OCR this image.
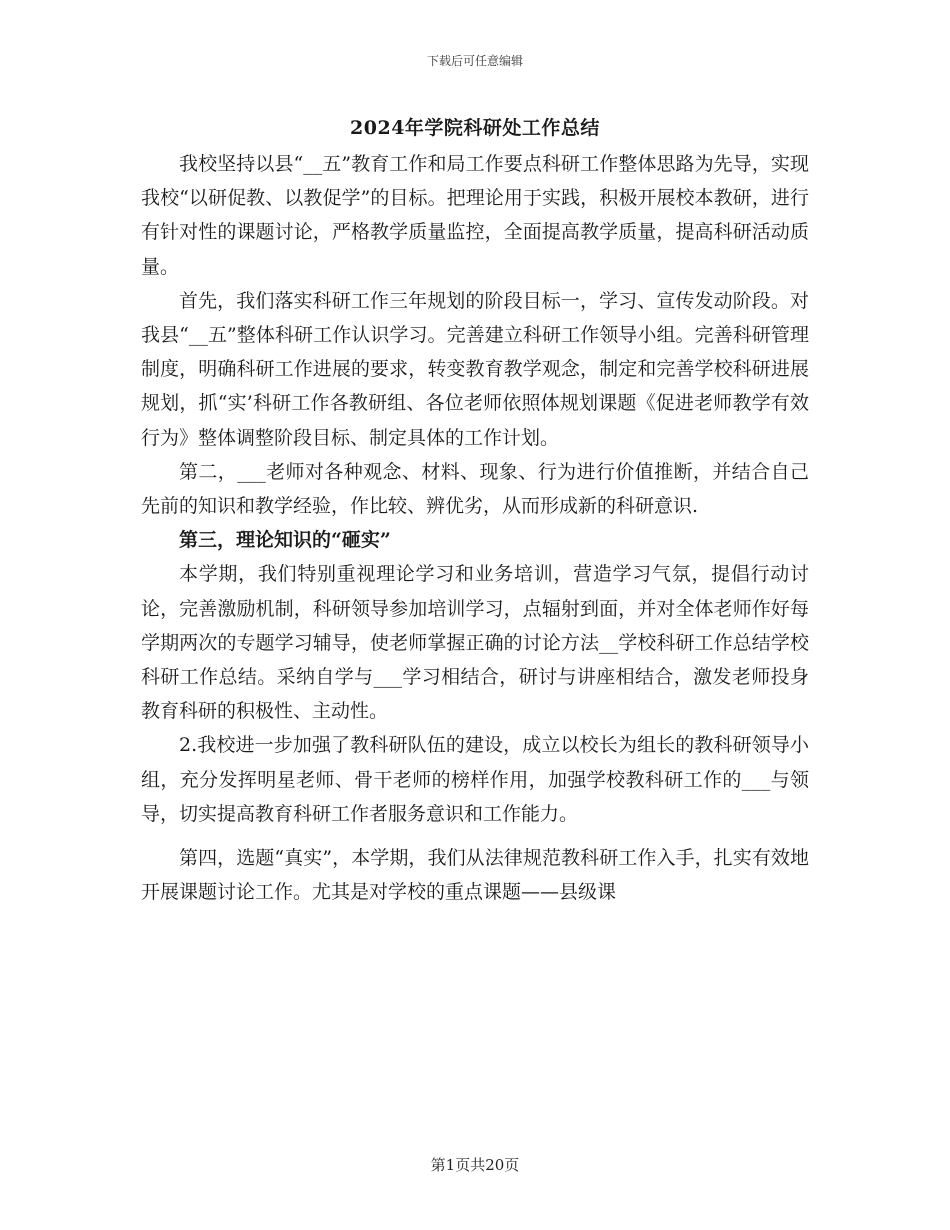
下载后可任意编辑
2024年学院科研处工作总结

我校坚持以县“__五”教育工作和局工作要点科研工作整体思路为先导，实现我校“以研促教、以教促学”的目标。把理论用于实践，积极开展校本教研，进行有针对性的课题讨论，严格教学质量监控，全面提高教学质量，提高科研活动质量。

首先，我们落实科研工作三年规划的阶段目标一，学习、宣传发动阶段。对我县“__五”整体科研工作认识学习。完善建立科研工作领导小组。完善科研管理制度，明确科研工作进展的要求，转变教育教学观念，制定和完善学校科研进展规划，抓“实’科研工作各教研组、各位老师依照体规划课题《促进老师教学有效行为》整体调整阶段目标、制定具体的工作计划。

第二，___老师对各种观念、材料、现象、行为进行价值推断，并结合自己先前的知识和教学经验，作比较、辨优劣，从而形成新的科研意识.

第三，理论知识的“砸实”

本学期，我们特别重视理论学习和业务培训，营造学习气氛，提倡行动讨论，完善激励机制，科研领导参加培训学习，点辐射到面，并对全体老师作好每学期两次的专题学习辅导，使老师掌握正确的讨论方法__学校科研工作总结学校科研工作总结。采纳自学与___学习相结合，研讨与讲座相结合，激发老师投身教育科研的积极性、主动性。

2.我校进一步加强了教科研队伍的建设，成立以校长为组长的教科研领导小组，充分发挥明星老师、骨干老师的榜样作用，加强学校教科研工作的___与领导，切实提高教育科研工作者服务意识和工作能力。

第四，选题“真实”，本学期，我们从法律规范教科研工作入手，扎实有效地开展课题讨论工作。尤其是对学校的重点课题——县级课

第1页共20页
